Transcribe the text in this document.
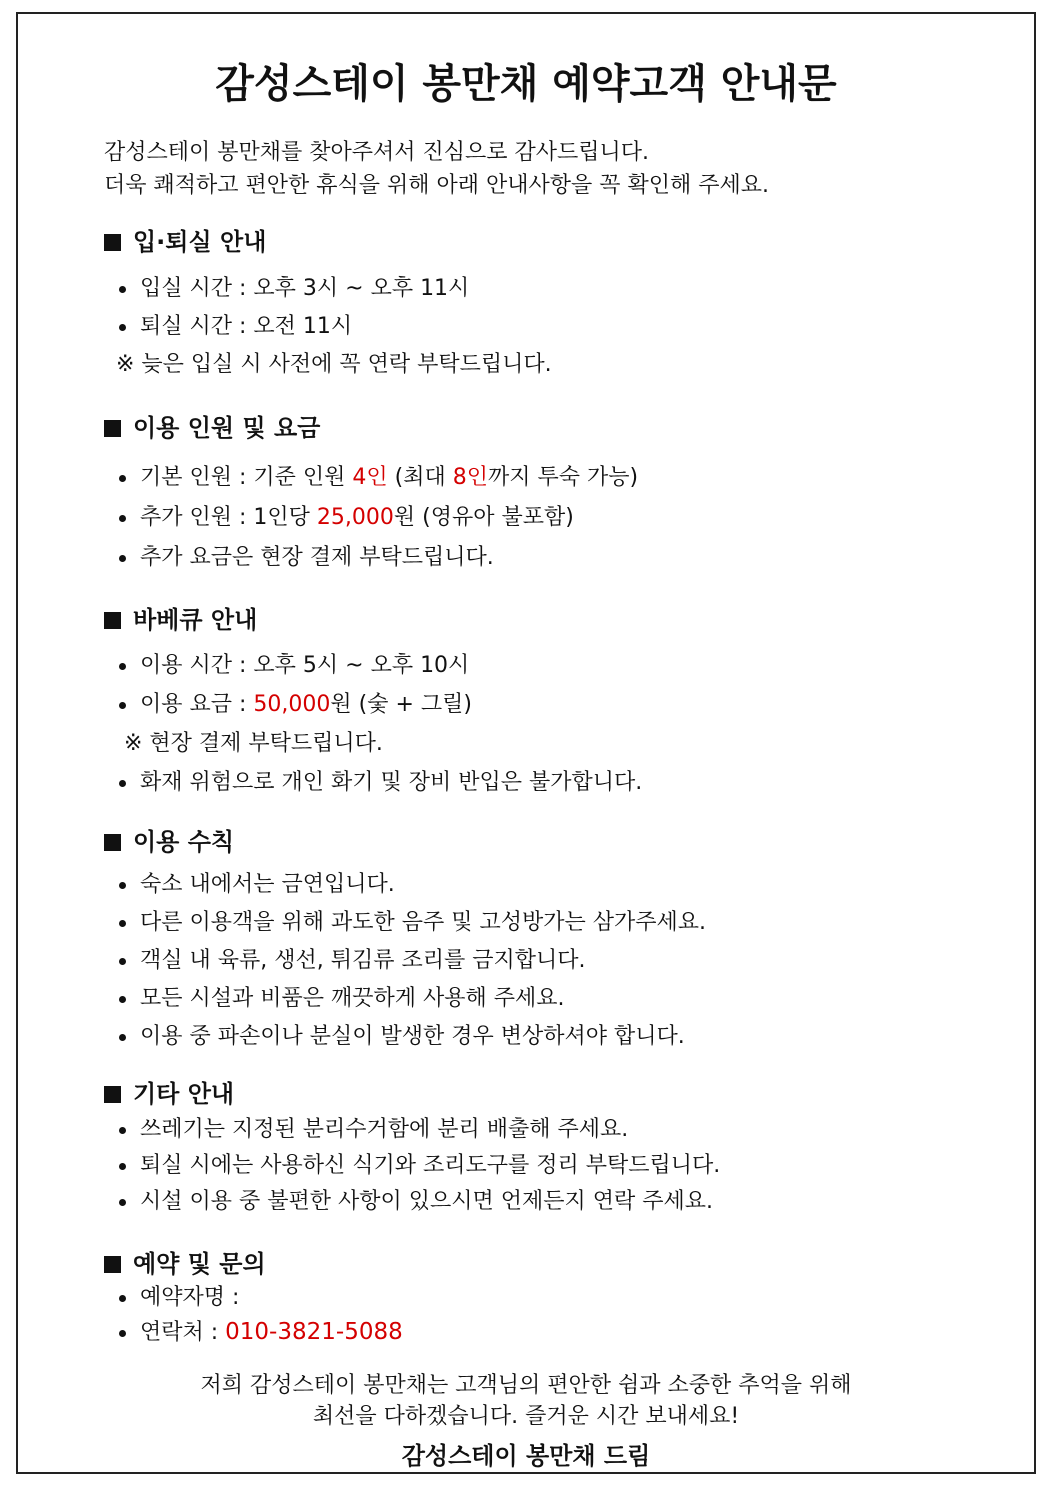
감성스테이 봉만채 예약고객 안내문
감성스테이 봉만채를 찾아주셔서 진심으로 감사드립니다.
더욱 쾌적하고 편안한 휴식을 위해 아래 안내사항을 꼭 확인해 주세요.
입·퇴실 안내
입실 시간 : 오후 3시 ~ 오후 11시
퇴실 시간 : 오전 11시
※ 늦은 입실 시 사전에 꼭 연락 부탁드립니다.
이용 인원 및 요금
기본 인원 : 기준 인원 4인 (최대 8인까지 투숙 가능)
추가 인원 : 1인당 25,000원 (영유아 불포함)
추가 요금은 현장 결제 부탁드립니다.
바베큐 안내
이용 시간 : 오후 5시 ~ 오후 10시
이용 요금 : 50,000원 (숯 + 그릴)
※ 현장 결제 부탁드립니다.
화재 위험으로 개인 화기 및 장비 반입은 불가합니다.
이용 수칙
숙소 내에서는 금연입니다.
다른 이용객을 위해 과도한 음주 및 고성방가는 삼가주세요.
객실 내 육류, 생선, 튀김류 조리를 금지합니다.
모든 시설과 비품은 깨끗하게 사용해 주세요.
이용 중 파손이나 분실이 발생한 경우 변상하셔야 합니다.
기타 안내
쓰레기는 지정된 분리수거함에 분리 배출해 주세요.
퇴실 시에는 사용하신 식기와 조리도구를 정리 부탁드립니다.
시설 이용 중 불편한 사항이 있으시면 언제든지 연락 주세요.
예약 및 문의
예약자명 :
연락처 : 010-3821-5088
저희 감성스테이 봉만채는 고객님의 편안한 쉼과 소중한 추억을 위해
최선을 다하겠습니다. 즐거운 시간 보내세요!
감성스테이 봉만채 드림
